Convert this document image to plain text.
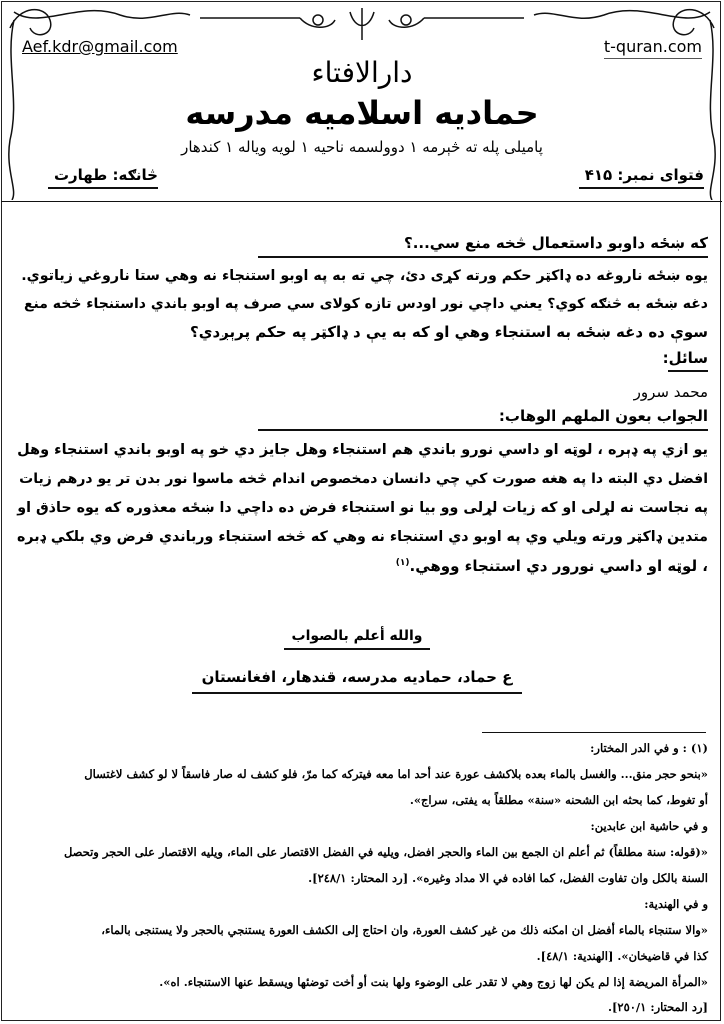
Aef.kdr@gmail.com	t-quran.com
دارالافتاء
حمادیه اسلامیه مدرسه
پامیلی پله ته څېرمه ۱ دوولسمه ناحیه ۱ لویه ویاله ۱ کندهار
فتوای نمبر: ۴۱۵
څانګه: طهارت
که ښځه داوبو داستعمال څخه منع سي...؟
یوه ښځه ناروغه ده ډاکټر حکم ورته کړی دئ، چي ته به په اوبو استنجاء نه وهي ستا ناروغي زیاتوي.
دغه ښځه به څنګه کوي؟ یعني داچي نور اودس تازه کولای سي صرف په اوبو باندي داستنجاء څخه منع
سوې ده دغه ښځه به استنجاء وهي او که به یې د ډاکټر په حکم پرېږدي؟
سائل:
محمد سرور
الجواب بعون الملهم الوهاب:
یو ازي په ډېره ، لوټه او داسي نورو باندي هم استنجاء وهل جایز دي خو په اوبو باندي استنجاء وهل
افضل دي البته دا په هغه صورت کي چي دانسان دمخصوص اندام څخه ماسوا نور بدن تر یو درهم زیات
په نجاست نه لړلی او که زیات لړلی وو بیا نو استنجاء فرض ده داچي دا ښځه معذوره که یوه حاذق او
متدین ډاکټر ورته ویلي وي په اوبو دي استنجاء نه وهي که څخه استنجاء ورباندي فرض وي بلکي ډبره
، لوټه او داسي نورور دي استنجاء ووهي.$^{(۱)}$
والله أعلم بالصواب
ع حماد، حمادیه مدرسه، قندهار، افغانستان
(۱) : و في الدر المختار:
«بنحو حجر منق... والغسل بالماء بعده بلاكشف عورة عند أحد اما معه فيتركه كما مرّ، فلو كشف له صار فاسقاً لا لو كشف لاغتسال
أو تغوط، كما بحثه ابن الشحنه «سنة» مطلقاً به يفتى، سراج».
و في حاشية ابن عابدين:
«(قوله: سنة مطلقاً) ثم أعلم ان الجمع بين الماء والحجر افضل، ويليه في الفضل الاقتصار على الماء، ويليه الاقتصار على الحجر وتحصل
السنة بالكل وان تفاوت الفضل، كما افاده في الا مداد وغيره». [رد المحتار: ۲٤٨/۱].
و في الهندية:
«والا ستنجاء بالماء أفضل ان امكنه ذلك من غير كشف العورة، وان احتاج إلى الكشف العورة يستنجي بالحجر ولا يستنجى بالماء،
كذا في قاضيخان». [الهندية: ٤٨/۱].
«المرأة المريضة إذا لم يكن لها زوج وهي لا تقدر على الوضوء ولها بنت أو أخت توضئها ويسقط عنها الاستنجاء. اه».
[رد المحتار: ۲٥۰/۱].
